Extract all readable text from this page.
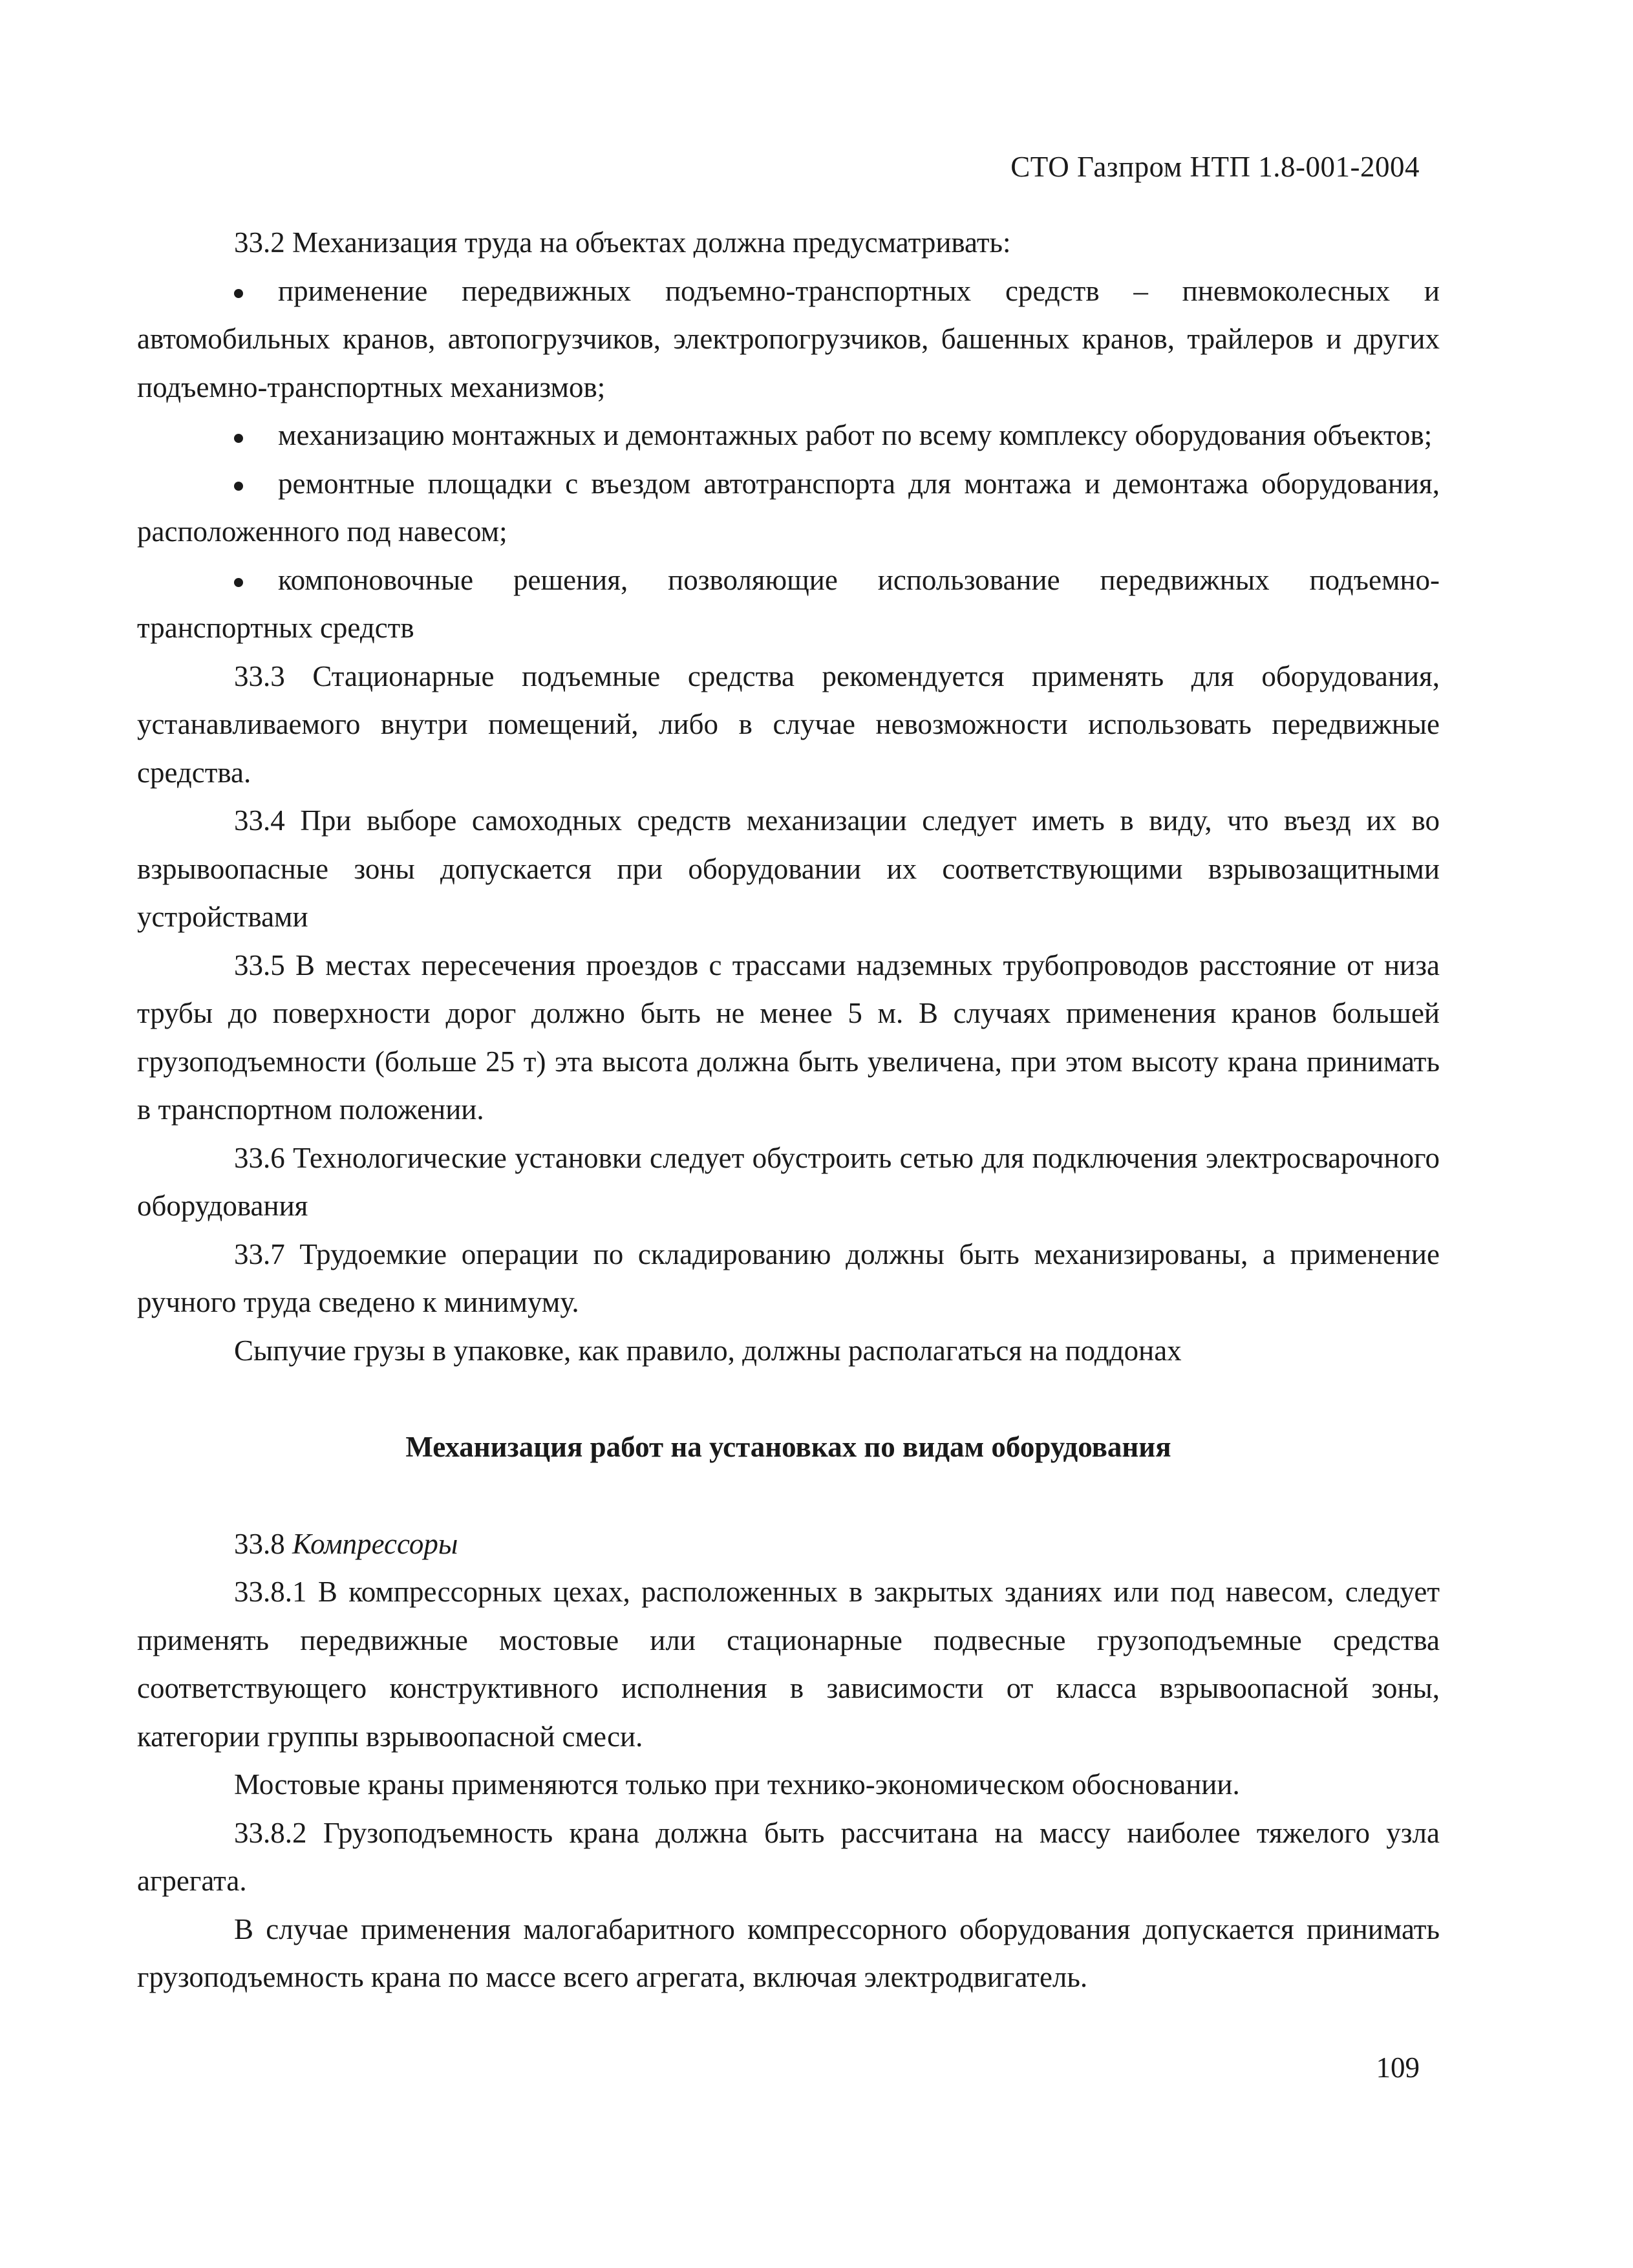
СТО Газпром НТП 1.8-001-2004

33.2 Механизация труда на объектах должна предусматривать:

применение передвижных подъемно-транспортных средств – пневмоколесных и автомобильных кранов, автопогрузчиков, электропогрузчиков, башенных кранов, трайлеров и других подъемно-транспортных механизмов;

механизацию монтажных и демонтажных работ по всему комплексу оборудования объектов;

ремонтные площадки с въездом автотранспорта для монтажа и демонтажа оборудования, расположенного под навесом;

компоновочные решения, позволяющие использование передвижных подъемно-транспортных средств

33.3 Стационарные подъемные средства рекомендуется применять для оборудования, устанавливаемого внутри помещений, либо в случае невозможности использовать передвижные средства.

33.4 При выборе самоходных средств механизации следует иметь в виду, что въезд их во взрывоопасные зоны допускается при оборудовании их соответствующими взрывозащитными устройствами

33.5 В местах пересечения проездов с трассами надземных трубопроводов расстояние от низа трубы до поверхности дорог должно быть не менее 5 м. В случаях применения кранов большей грузоподъемности (больше 25 т) эта высота должна быть увеличена, при этом высоту крана принимать в транспортном положении.

33.6 Технологические установки следует обустроить сетью для подключения электросварочного оборудования

33.7 Трудоемкие операции по складированию должны быть механизированы, а применение ручного труда сведено к минимуму.

Сыпучие грузы в упаковке, как правило, должны располагаться на поддонах

Механизация работ на установках по видам оборудования

33.8 Компрессоры

33.8.1 В компрессорных цехах, расположенных в закрытых зданиях или под навесом, следует применять передвижные мостовые или стационарные подвесные грузоподъемные средства соответствующего конструктивного исполнения в зависимости от класса взрывоопасной зоны, категории группы взрывоопасной смеси.

Мостовые краны применяются только при технико-экономическом обосновании.

33.8.2 Грузоподъемность крана должна быть рассчитана на массу наиболее тяжелого узла агрегата.

В случае применения малогабаритного компрессорного оборудования допускается принимать грузоподъемность крана по массе всего агрегата, включая электродвигатель.

109
